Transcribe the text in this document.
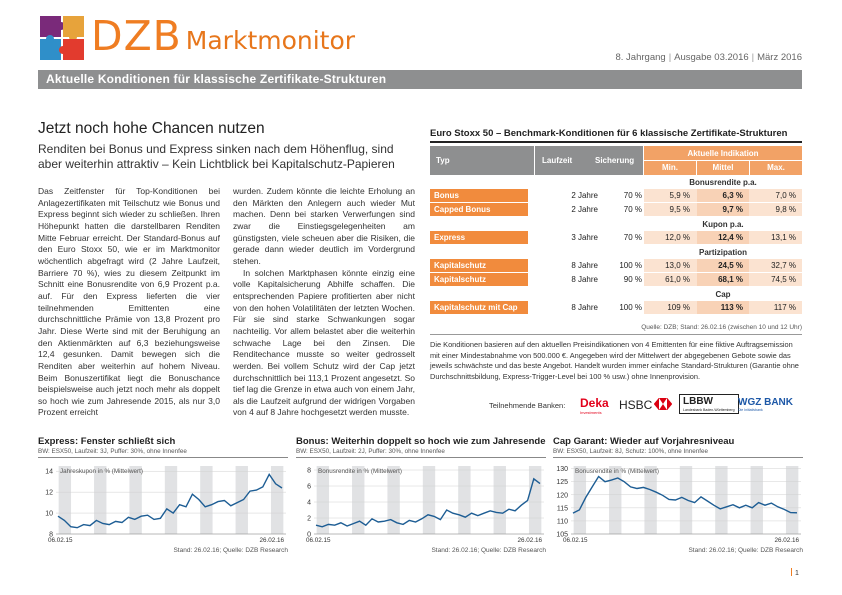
DZB Marktmonitor
8. Jahrgang | Ausgabe 03.2016 | März 2016
Aktuelle Konditionen für klassische Zertifikate-Strukturen
Jetzt noch hohe Chancen nutzen
Renditen bei Bonus und Express sinken nach dem Höhenflug, sind aber weiterhin attraktiv – Kein Lichtblick bei Kapitalschutz-Papieren

Das Zeitfenster für Top-Konditionen bei Anlagezertifikaten mit Teilschutz wie Bonus und Express beginnt sich wieder zu schließen. Ihren Höhepunkt hatten die darstellbaren Renditen Mitte Februar erreicht. Der Standard-Bonus auf den Euro Stoxx 50, wie er im Marktmonitor wöchentlich abgefragt wird (2 Jahre Laufzeit, Barriere 70 %), wies zu diesem Zeitpunkt im Schnitt eine Bonusrendite von 6,9 Prozent p.a. auf. Für den Express lieferten die vier teilnehmenden Emittenten eine durchschnittliche Prämie von 13,8 Prozent pro Jahr. Diese Werte sind mit der Beruhigung an den Aktienmärkten auf 6,3 beziehungsweise 12,4 gesunken. Damit bewegen sich die Renditen aber weiterhin auf hohem Niveau. Beim Bonuszertifikat liegt die Bonuschance beispielsweise auch jetzt noch mehr als doppelt so hoch wie zum Jahresende 2015, als nur 3,0 Prozent erreicht

wurden. Zudem könnte die leichte Erholung an den Märkten den Anlegern auch wieder Mut machen. Denn bei starken Verwerfungen sind zwar die Einstiegsgelegenheiten am günstigsten, viele scheuen aber die Risiken, die gerade dann wieder deutlich im Vordergrund stehen.

In solchen Marktphasen könnte einzig eine volle Kapitalsicherung Abhilfe schaffen. Die entsprechenden Papiere profitierten aber nicht von den hohen Volatilitäten der letzten Wochen. Für sie sind starke Schwankungen sogar nachteilig. Vor allem belastet aber die weiterhin schwache Lage bei den Zinsen. Die Renditechance musste so weiter gedrosselt werden. Bei vollem Schutz wird der Cap jetzt durchschnittlich bei 113,1 Prozent angesetzt. So tief lag die Grenze in etwa auch von einem Jahr, als die Laufzeit aufgrund der widrigen Vorgaben von 4 auf 8 Jahre hochgesetzt werden musste.

Euro Stoxx 50 – Benchmark-Konditionen für 6 klassische Zertifikate-Strukturen
Typ	Laufzeit	Sicherung
Aktuelle Indikation
Min.	Mittel	Max.
Bonusrendite p.a.
Bonus	2 Jahre	70 %	5,9 %	6,3 %	7,0 %
Capped Bonus	2 Jahre	70 %	9,5 %	9,7 %	9,8 %
Kupon p.a.
Express	3 Jahre	70 %	12,0 %	12,4 %	13,1 %
Partizipation
Kapitalschutz	8 Jahre	100 %	13,0 %	24,5 %	32,7 %
Kapitalschutz	8 Jahre	90 %	61,0 %	68,1 %	74,5 %
Cap
Kapitalschutz mit Cap	8 Jahre	100 %	109 %	113 %	117 %
Quelle: DZB; Stand: 26.02.16 (zwischen 10 und 12 Uhr)
Die Konditionen basieren auf den aktuellen Preisindikationen von 4 Emittenten für eine fiktive Auftragsemission mit einer Mindestabnahme von 500.000 €. Angegeben wird der Mittelwert der abgegebenen Gebote sowie das jeweils schwächste und das beste Angebot. Handelt wurden immer einfache Standard-Strukturen (Garantie ohne Durchschnittsbildung, Express-Trigger-Level bei 100 % usw.) ohne Innenprovision.
Teilnehmende Banken: Deka
Investments
HSBC	LBBW
Landesbank Baden-Württemberg
WGZ BANK
Die Initiativbank
Express: Fenster schließt sich
BW: ESX50, Laufzeit: 3J, Puffer: 30%, ohne Innenfee
14
12
10
8
Jahreskupon in % (Mittelwert)
06.02.15	26.02.16
Bonus: Weiterhin doppelt so hoch wie zum Jahresende
BW: ESX50, Laufzeit: 2J, Puffer: 30%, ohne Innenfee
8
6
4
2
0
Bonusrendite in % (Mittelwert)
06.02.15	26.02.16
Stand: 26.02.16; Quelle: DZB Research
Cap Garant: Wieder auf Vorjahresniveau
BW: ESX50, Laufzeit: 8J, Schutz: 100%, ohne Innenfee
130
125
120
115
110
105
Bonusrendite in % (Mittelwert)
06.02.15	26.02.16
Stand: 26.02.16; Quelle: DZB Research
Stand: 26.02.16; Quelle: DZB Research
1
